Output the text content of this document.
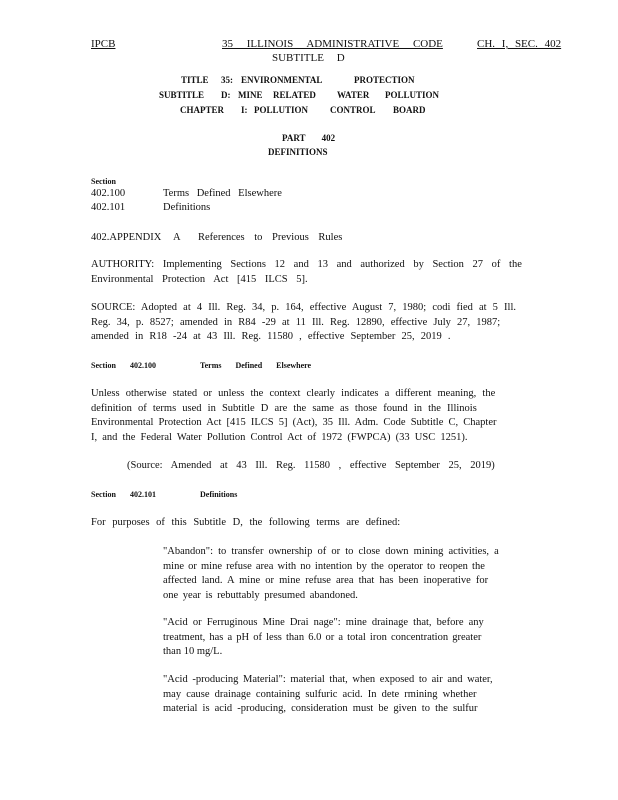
IPCB	35 ILLINOIS ADMINISTRATIVE CODE	CH. I, SEC. 402
SUBTITLE D
TITLE 35: ENVIRONMENTAL	PROTECTION
SUBTITLE D: MINE RELATED WATER POLLUTION
CHAPTER I: POLLUTION CONTROL BOARD
PART 402
DEFINITIONS
Section
402.100	Terms Defined Elsewhere
402.101	Definitions
402.APPENDIX A References to Previous Rules
AUTHORITY: Implementing Sections 12 and 13 and authorized by Section 27 of the
Environmental Protection Act [415 ILCS 5].
SOURCE: Adopted at 4 Ill. Reg. 34, p. 164, effective August 7, 1980; codi fied at 5 Ill.
Reg. 34, p. 8527; amended in R84 -29 at 11 Ill. Reg. 12890, effective July 27, 1987;
amended in R18 -24 at 43 Ill. Reg. 11580 , effective September 25, 2019 .
Section 402.100	Terms Defined Elsewhere
Unless otherwise stated or unless the context clearly indicates a different meaning, the
definition of terms used in Subtitle D are the same as those found in the Illinois
Environmental Protection Act [415 ILCS 5] (Act), 35 Ill. Adm. Code Subtitle C, Chapter
I, and the Federal Water Pollution Control Act of 1972 (FWPCA) (33 USC 1251).
(Source: Amended at 43 Ill. Reg. 11580 , effective September 25, 2019)
Section 402.101	Definitions
For purposes of this Subtitle D, the following terms are defined:
"Abandon": to transfer ownership of or to close down mining activities, a
mine or mine refuse area with no intention by the operator to reopen the
affected land. A mine or mine refuse area that has been inoperative for
one year is rebuttably presumed abandoned.
"Acid or Ferruginous Mine Drai nage": mine drainage that, before any
treatment, has a pH of less than 6.0 or a total iron concentration greater
than 10 mg/L.
"Acid -producing Material": material that, when exposed to air and water,
may cause drainage containing sulfuric acid. In dete rmining whether
material is acid -producing, consideration must be given to the sulfur
